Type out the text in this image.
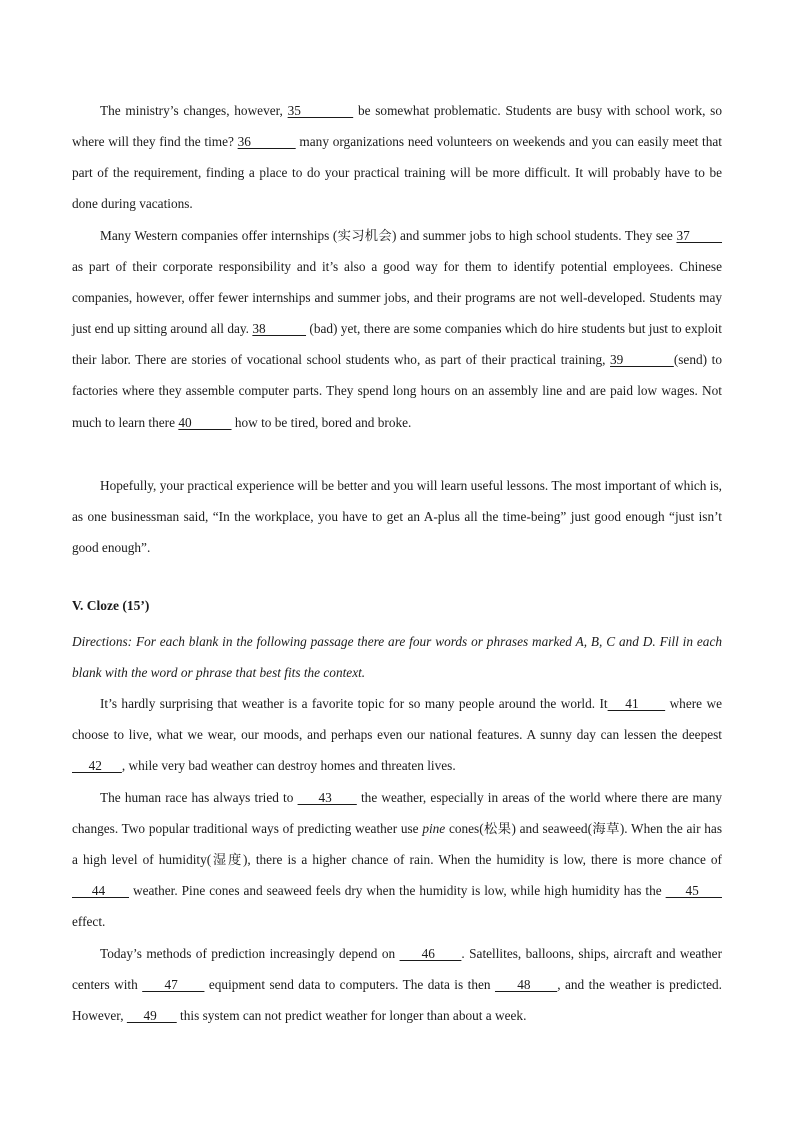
The ministry’s changes, however, 35            be somewhat problematic. Students are busy with school work, so where will they find the time? 36             many organizations need volunteers on weekends and you can easily meet that part of the requirement, finding a place to do your practical training will be more difficult. It will probably have to be done during vacations.

Many Western companies offer internships (实习机会) and summer jobs to high school students. They see 37          as part of their corporate responsibility and it’s also a good way for them to identify potential employees. Chinese companies, however, offer fewer internships and summer jobs, and their programs are not well-developed. Students may just end up sitting around all day. 38             (bad) yet, there are some companies which do hire students but just to exploit their labor. There are stories of vocational school students who, as part of their practical training, 39           (send) to factories where they assemble computer parts. They spend long hours on an assembly line and are paid low wages. Not much to learn there 40             how to be tired, bored and broke.

Hopefully, your practical experience will be better and you will learn useful lessons. The most important of which is, as one businessman said, “In the workplace, you have to get an A-plus all the time-being” just good enough “just isn’t good enough”.

V. Cloze (15’)

Directions: For each blank in the following passage there are four words or phrases marked A, B, C and D. Fill in each blank with the word or phrase that best fits the context.

It’s hardly surprising that weather is a favorite topic for so many people around the world. It    41       where we choose to live, what we wear, our moods, and perhaps even our national features. A sunny day can lessen the deepest      42      , while very bad weather can destroy homes and threaten lives.

The human race has always tried to      43       the weather, especially in areas of the world where there are many changes. Two popular traditional ways of predicting weather use pine cones(松果) and seaweed(海草). When the air has a high level of humidity(湿度), there is a higher chance of rain. When the humidity is low, there is more chance of      44       weather. Pine cones and seaweed feels dry when the humidity is low, while high humidity has the      45       effect.

Today’s methods of prediction increasingly depend on      46      . Satellites, balloons, ships, aircraft and weather centers with      47       equipment send data to computers. The data is then      48      , and the weather is predicted. However,      49       this system can not predict weather for longer than about a week.
